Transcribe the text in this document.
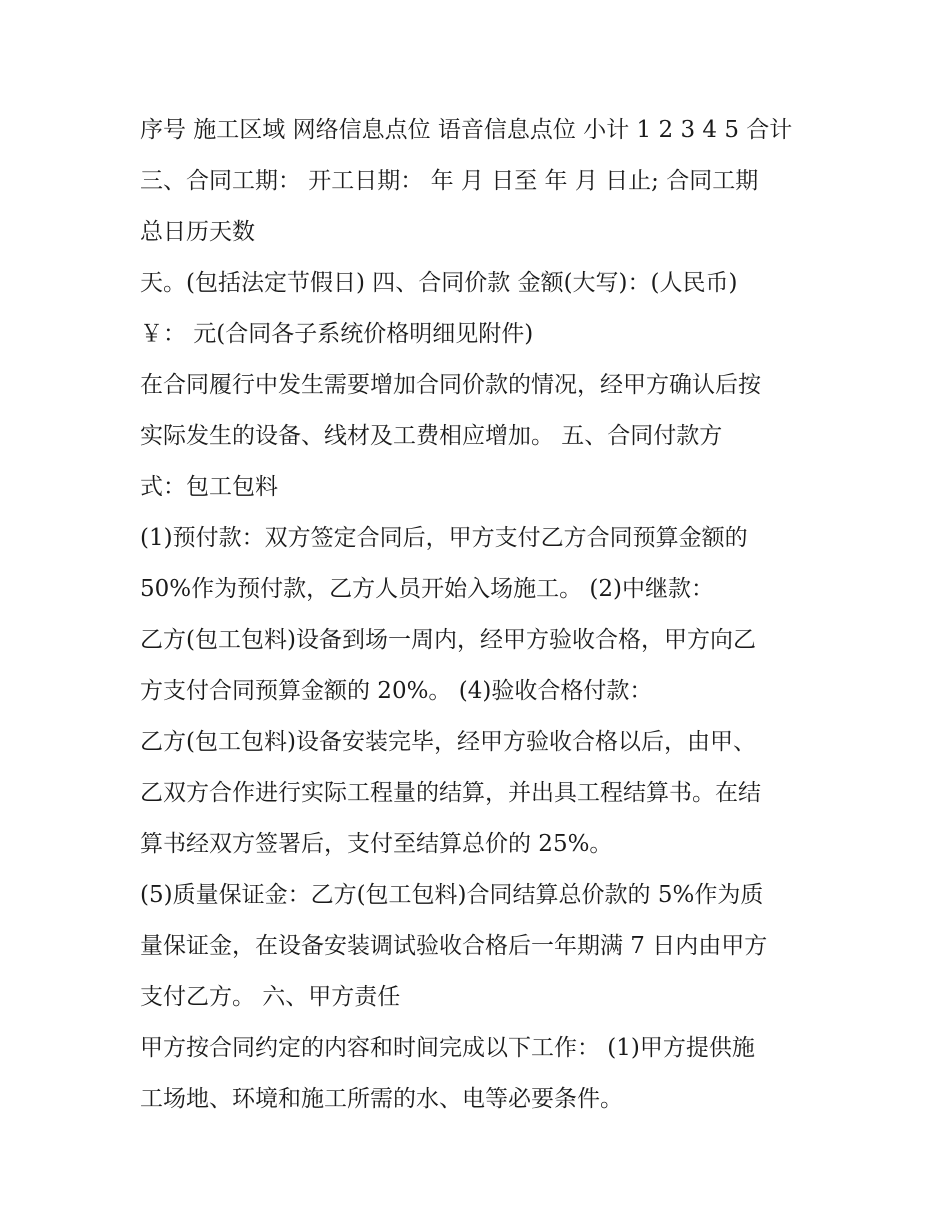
序号 施工区域 网络信息点位 语音信息点位 小计 1 2 3 4 5 合计
三、合同工期： 开工日期： 年 月 日至 年 月 日止; 合同工期
总日历天数
天。(包括法定节假日) 四、合同价款 金额(大写)：(人民币)
￥： 元(合同各子系统价格明细见附件)
在合同履行中发生需要增加合同价款的情况，经甲方确认后按
实际发生的设备、线材及工费相应增加。 五、合同付款方
式：包工包料
(1)预付款：双方签定合同后，甲方支付乙方合同预算金额的
50%作为预付款，乙方人员开始入场施工。 (2)中继款：
乙方(包工包料)设备到场一周内，经甲方验收合格，甲方向乙
方支付合同预算金额的 20%。 (4)验收合格付款：
乙方(包工包料)设备安装完毕，经甲方验收合格以后，由甲、
乙双方合作进行实际工程量的结算，并出具工程结算书。在结
算书经双方签署后，支付至结算总价的 25%。
(5)质量保证金：乙方(包工包料)合同结算总价款的 5%作为质
量保证金，在设备安装调试验收合格后一年期满 7 日内由甲方
支付乙方。 六、甲方责任
甲方按合同约定的内容和时间完成以下工作： (1)甲方提供施
工场地、环境和施工所需的水、电等必要条件。
